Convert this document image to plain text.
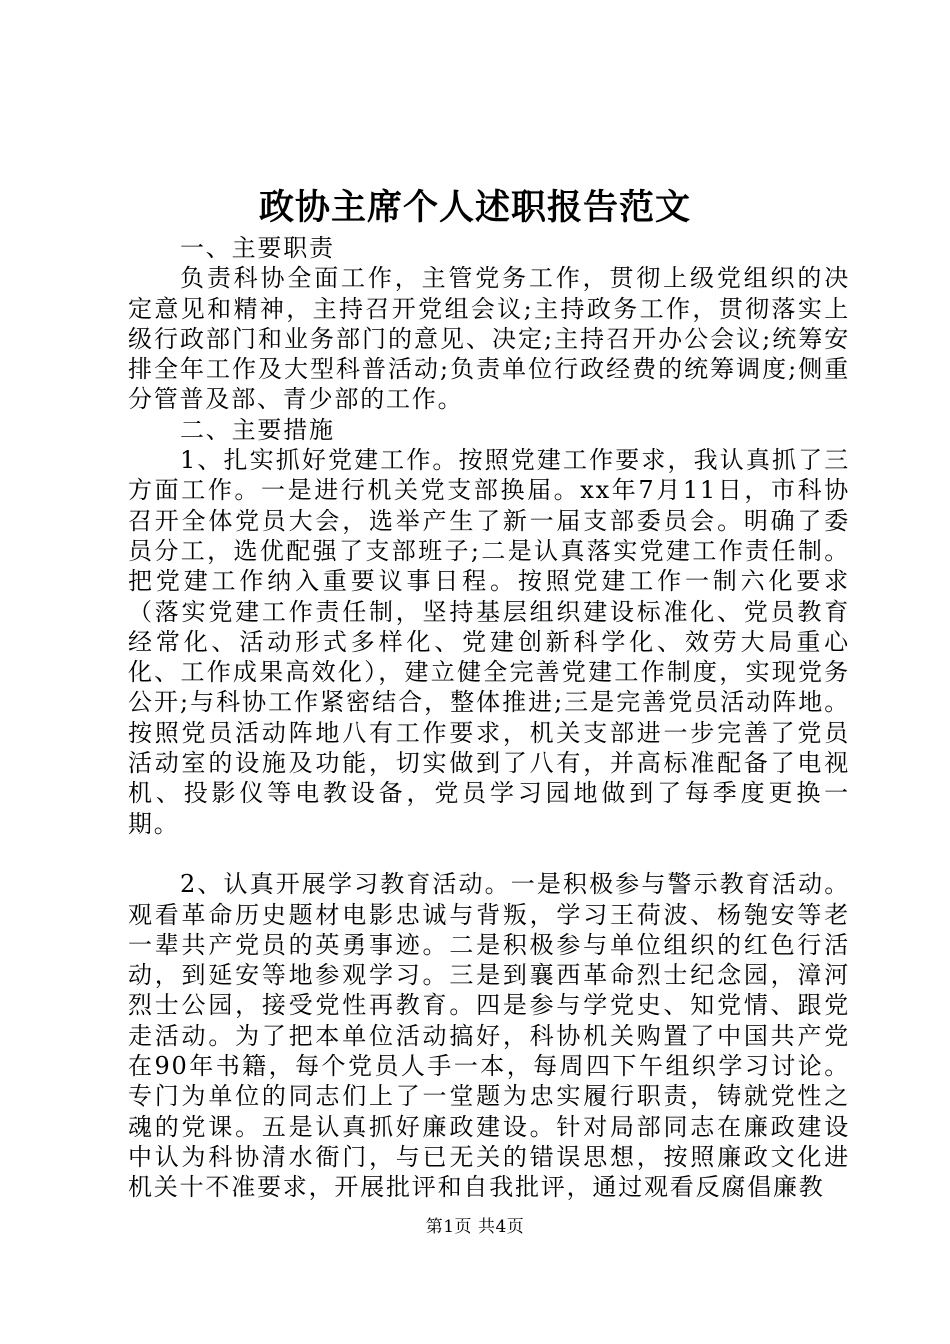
政协主席个人述职报告范文

一、主要职责

负责科协全面工作，主管党务工作，贯彻上级党组织的决定意见和精神，主持召开党组会议;主持政务工作，贯彻落实上级行政部门和业务部门的意见、决定;主持召开办公会议;统筹安排全年工作及大型科普活动;负责单位行政经费的统筹调度;侧重分管普及部、青少部的工作。

二、主要措施

1、扎实抓好党建工作。按照党建工作要求，我认真抓了三方面工作。一是进行机关党支部换届。xx年7月11日，市科协召开全体党员大会，选举产生了新一届支部委员会。明确了委员分工，选优配强了支部班子;二是认真落实党建工作责任制。把党建工作纳入重要议事日程。按照党建工作一制六化要求（落实党建工作责任制，坚持基层组织建设标准化、党员教育经常化、活动形式多样化、党建创新科学化、效劳大局重心化、工作成果高效化），建立健全完善党建工作制度，实现党务公开;与科协工作紧密结合，整体推进;三是完善党员活动阵地。按照党员活动阵地八有工作要求，机关支部进一步完善了党员活动室的设施及功能，切实做到了八有，并高标准配备了电视机、投影仪等电教设备，党员学习园地做到了每季度更换一期。

2、认真开展学习教育活动。一是积极参与警示教育活动。观看革命历史题材电影忠诚与背叛，学习王荷波、杨匏安等老一辈共产党员的英勇事迹。二是积极参与单位组织的红色行活动，到延安等地参观学习。三是到襄西革命烈士纪念园，漳河烈士公园，接受党性再教育。四是参与学党史、知党情、跟党走活动。为了把本单位活动搞好，科协机关购置了中国共产党在90年书籍，每个党员人手一本，每周四下午组织学习讨论。专门为单位的同志们上了一堂题为忠实履行职责，铸就党性之魂的党课。五是认真抓好廉政建设。针对局部同志在廉政建设中认为科协清水衙门，与已无关的错误思想，按照廉政文化进机关十不准要求，开展批评和自我批评，通过观看反腐倡廉教

第1页 共4页
